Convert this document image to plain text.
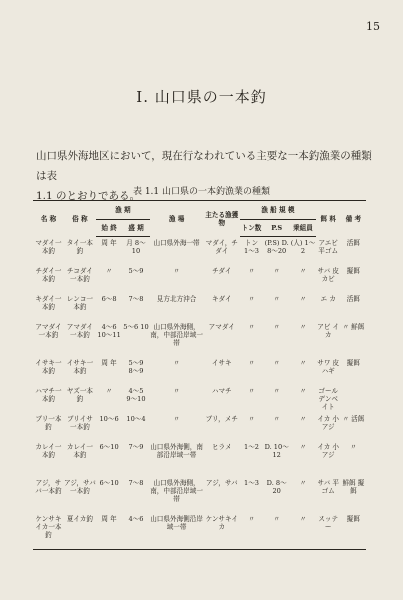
15
I. 山口県の一本釣
山口県外海地区において，現在行なわれている主要な一本釣漁業の種類は表
1.1 のとおりである。
表 1.1 山口県の一本釣漁業の種類
名 称	俗 称	漁 期		漁 場	主たる漁獲物	漁 船 規 模			餌 料	備 考
		始 終	盛 期			トン数	P.S	乗組員		
マダイ一本釣	タイ一本釣	周 年	月 8〜10	山口県外海一帯	マダイ，チダイ	トン 1〜3	(P.S) D. 8〜20	(人) 1〜2	アエビ 平ゴム	活餌
チダイ一本釣	チコダイ一本釣	〃	5〜9	〃	チダイ	〃	〃	〃	サバ 皮カビ	擬餌
キダイ一本釣	レンコ一本釣	6〜8	7〜8	見方北方沖合	キダイ	〃	〃	〃	エ カ	活餌
アマダイ一本釣	アマダイ一本釣	4〜6 10〜11	5〜6 10	山口県外海側，南，中部沿岸域一帯	アマダイ	〃	〃	〃	アビ イカ	〃 鮮餌
イサキ一本釣	イサキ一本釣	周 年	5〜9 8〜9	〃	イサキ	〃	〃	〃	サワ 皮ハギ	擬餌
ハマチ一本釣	ヤズ一本釣	〃	4〜5 9〜10	〃	ハマチ	〃	〃	〃	ゴール デンベイト	
ブリ一本釣	ブリイサ一本釣	10〜6	10〜4	〃	ブリ，メチ	〃	〃	〃	イカ 小アジ	〃 活餌
カレイ一本釣	カレイ一本釣	6〜10	7〜9	山口県外海側，南部沿岸域一帯	ヒラメ	1〜2	D. 10〜12	〃	イカ 小アジ	〃
アジ，サバ一本釣	アジ，サバ一本釣	6〜10	7〜8	山口県外海側，南，中部沿岸域一帯	アジ，サバ	1〜3	D. 8〜20	〃	サバ 平ゴム	鮮餌 擬餌
ケンサキイカ一本釣	夏イカ釣	周 年	4〜6	山口県外海側沿岸域一帯	ケンサキイカ	〃	〃	〃	スッテー	擬餌
